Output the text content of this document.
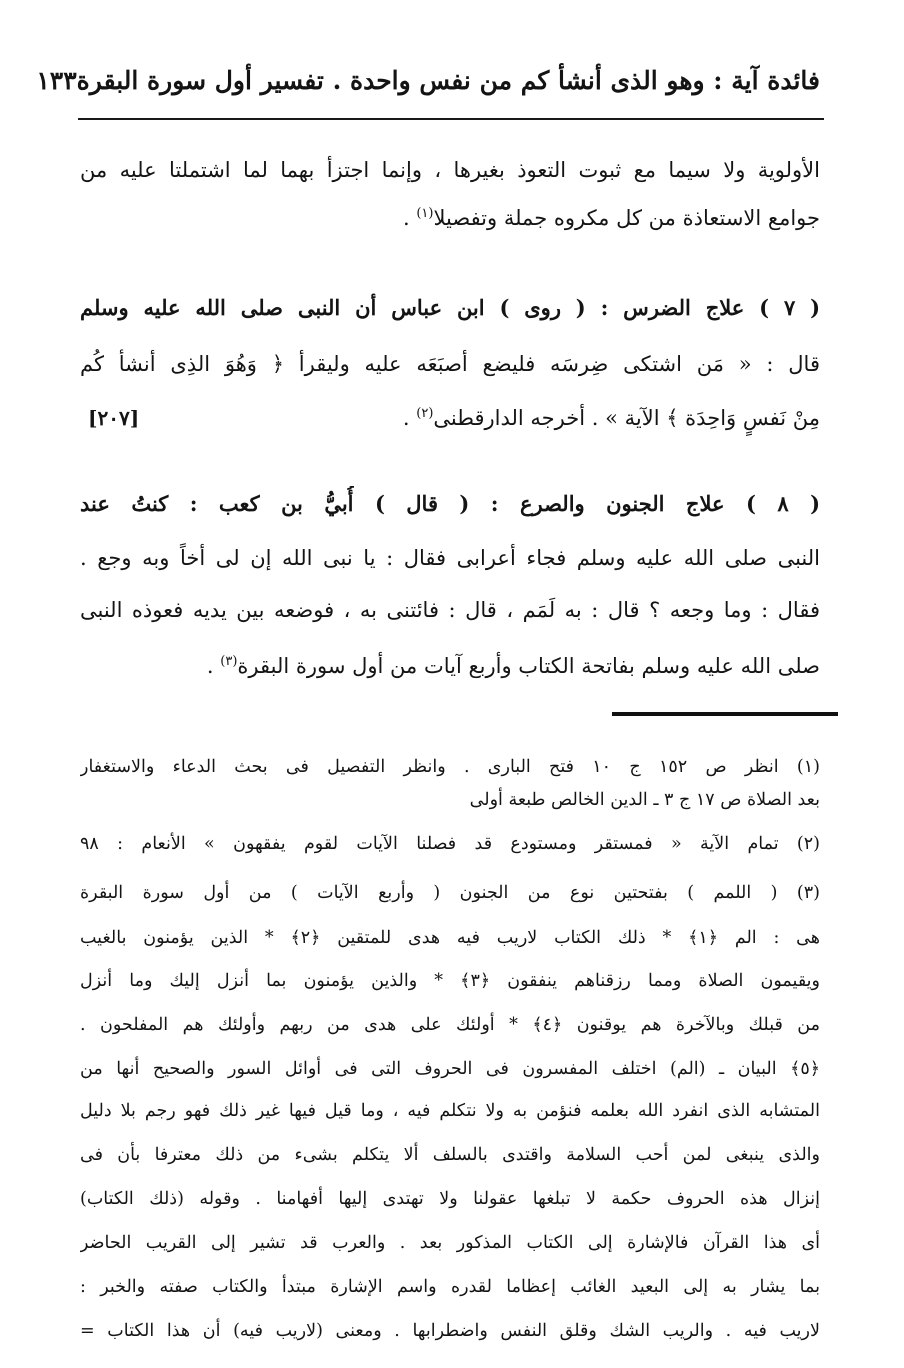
فائدة آية : وهو الذى أنشأ كم من نفس واحدة . تفسير أول سورة البقرة
١٣٣
الأولوية ولا سيما مع ثبوت التعوذ بغيرها ، وإنما اجتزأ بهما لما اشتملتا عليه من
جوامع الاستعاذة من كل مكروه جملة وتفصيلا$^{(١)}$ .
( ٧ ) علاج الضرس : ( روى ) ابن عباس أن النبى صلى الله عليه وسلم
قال : « مَن اشتكى ضِرسَه فليضع أصبَعَه عليه وليقرأ ﴿ وَهُوَ الذِى أنشأ كُم
مِنْ نَفسٍ وَاحِدَة ﴾ الآية » . أخرجه الدارقطنى$^{(٢)}$ .
[٢٠٧]
( ٨ ) علاج الجنون والصرع : ( قال ) أُبيُّ بن كعب : كنتُ عند
النبى صلى الله عليه وسلم فجاء أعرابى فقال : يا نبى الله إن لى أخاً وبه وجع .
فقال : وما وجعه ؟ قال : به لَمَم ، قال : فائتنى به ، فوضعه بين يديه فعوذه النبى
صلى الله عليه وسلم بفاتحة الكتاب وأربع آيات من أول سورة البقرة$^{(٣)}$ .
(١) انظر ص ١٥٢ ج ١٠ فتح البارى . وانظر التفصيل فى بحث الدعاء والاستغفار
بعد الصلاة ص ١٧ ج ٣ ـ الدين الخالص طبعة أولى
(٢) تمام الآية « فمستقر ومستودع قد فصلنا الآيات لقوم يفقهون » الأنعام : ٩٨
(٣) ( اللمم ) بفتحتين نوع من الجنون ( وأربع الآيات ) من أول سورة البقرة
هى : الم ﴿١﴾ * ذلك الكتاب لاريب فيه هدى للمتقين ﴿٢﴾ * الذين يؤمنون بالغيب
ويقيمون الصلاة ومما رزقناهم ينفقون ﴿٣﴾ * والذين يؤمنون بما أنزل إليك وما أنزل
من قبلك وبالآخرة هم يوقنون ﴿٤﴾ * أولئك على هدى من ربهم وأولئك هم المفلحون .
﴿٥﴾ البيان ـ (الم) اختلف المفسرون فى الحروف التى فى أوائل السور والصحيح أنها من
المتشابه الذى انفرد الله بعلمه فنؤمن به ولا نتكلم فيه ، وما قيل فيها غير ذلك فهو رجم بلا دليل
والذى ينبغى لمن أحب السلامة واقتدى بالسلف ألا يتكلم بشىء من ذلك معترفا بأن فى
إنزال هذه الحروف حكمة لا تبلغها عقولنا ولا تهتدى إليها أفهامنا . وقوله (ذلك الكتاب)
أى هذا القرآن فالإشارة إلى الكتاب المذكور بعد . والعرب قد تشير إلى القريب الحاضر
بما يشار به إلى البعيد الغائب إعظاما لقدره واسم الإشارة مبتدأ والكتاب صفته والخبر :
لاريب فيه . والريب الشك وقلق النفس واضطرابها . ومعنى (لاريب فيه) أن هذا الكتاب =
